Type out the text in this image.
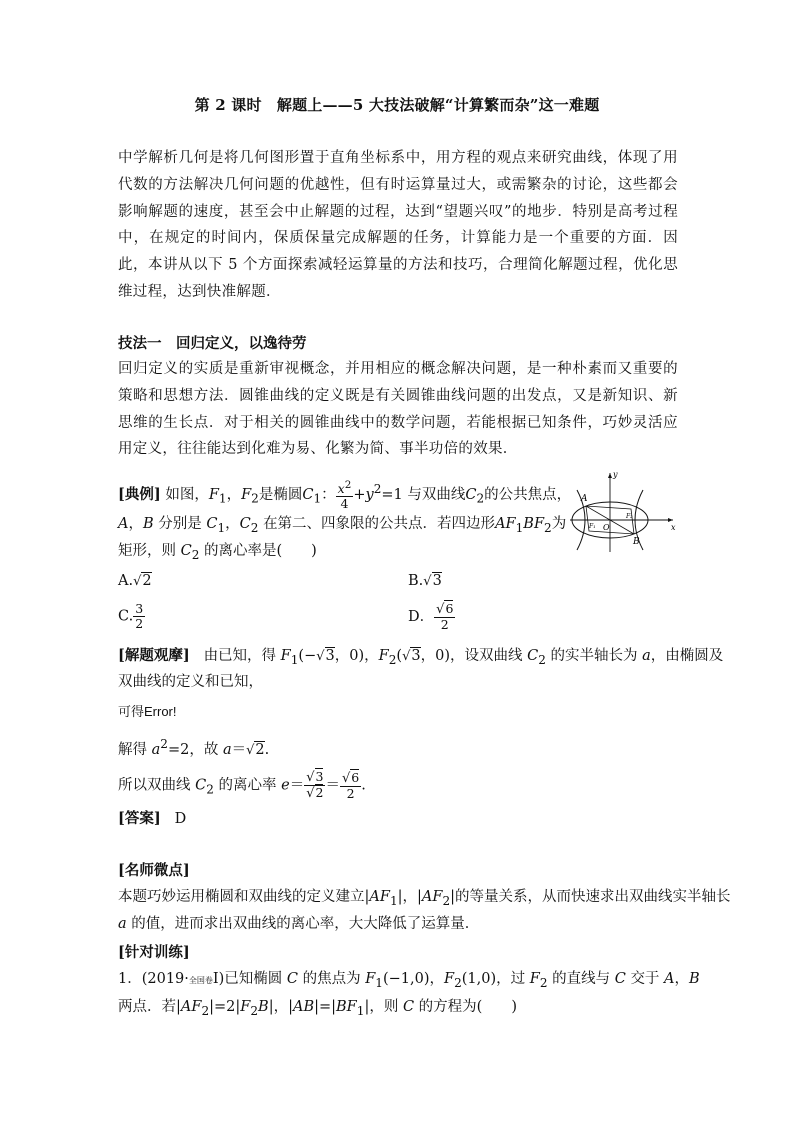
第 2 课时　解题上——5 大技法破解“计算繁而杂”这一难题
中学解析几何是将几何图形置于直角坐标系中，用方程的观点来研究曲线，体现了用代数的方法解决几何问题的优越性，但有时运算量过大，或需繁杂的讨论，这些都会影响解题的速度，甚至会中止解题的过程，达到“望题兴叹”的地步．特别是高考过程中，在规定的时间内，保质保量完成解题的任务，计算能力是一个重要的方面．因此，本讲从以下 5 个方面探索减轻运算量的方法和技巧，合理简化解题过程，优化思维过程，达到快准解题．
技法一　回归定义，以逸待劳
回归定义的实质是重新审视概念，并用相应的概念解决问题，是一种朴素而又重要的策略和思想方法．圆锥曲线的定义既是有关圆锥曲线问题的出发点，又是新知识、新思维的生长点．对于相关的圆锥曲线中的数学问题，若能根据已知条件，巧妙灵活应用定义，往往能达到化难为易、化繁为简、事半功倍的效果．
[典例] 如图，$F_1$，$F_2$是椭圆$C_1$： $\frac{x^2}{4} +y^2=1$ 与双曲线$C_2$的公共焦点，
A，B 分别是 $C_1$，$C_2$ 在第二、四象限的公共点．若四边形$AF_1BF_2$为
矩形，则 $C_2$ 的离心率是(　　)
A
B
O
y
x
F₁
F₂
A.√2	B.√3
C. $\frac{3}{2}$	D． $\frac{√6}{2}$
[解题观摩] 由已知，得 $F_1(-√3$，0)，$F_2(√3$，0)，设双曲线 $C_2$ 的实半轴长为 a，由椭圆及
双曲线的定义和已知，
可得Error!
解得 $a^2=2$，故 a＝√2.
所以双曲线 $C_2$ 的离心率 $e= \frac{√3}{√2} = \frac{√6}{2}$ .
[答案] D
[名师微点]
本题巧妙运用椭圆和双曲线的定义建立$|AF_1|$，$|AF_2|$的等量关系，从而快速求出双曲线实半轴长
a 的值，进而求出双曲线的离心率，大大降低了运算量．
[针对训练]
1．(2019·全国卷Ⅰ)已知椭圆 C 的焦点为 $F_1(-1,0)$，$F_2(1,0)$，过 $F_2$ 的直线与 C 交于 A，B
两点．若$|AF_2|=2|F_2B|$，$|AB|=|BF_1|$，则 C 的方程为(　　)
